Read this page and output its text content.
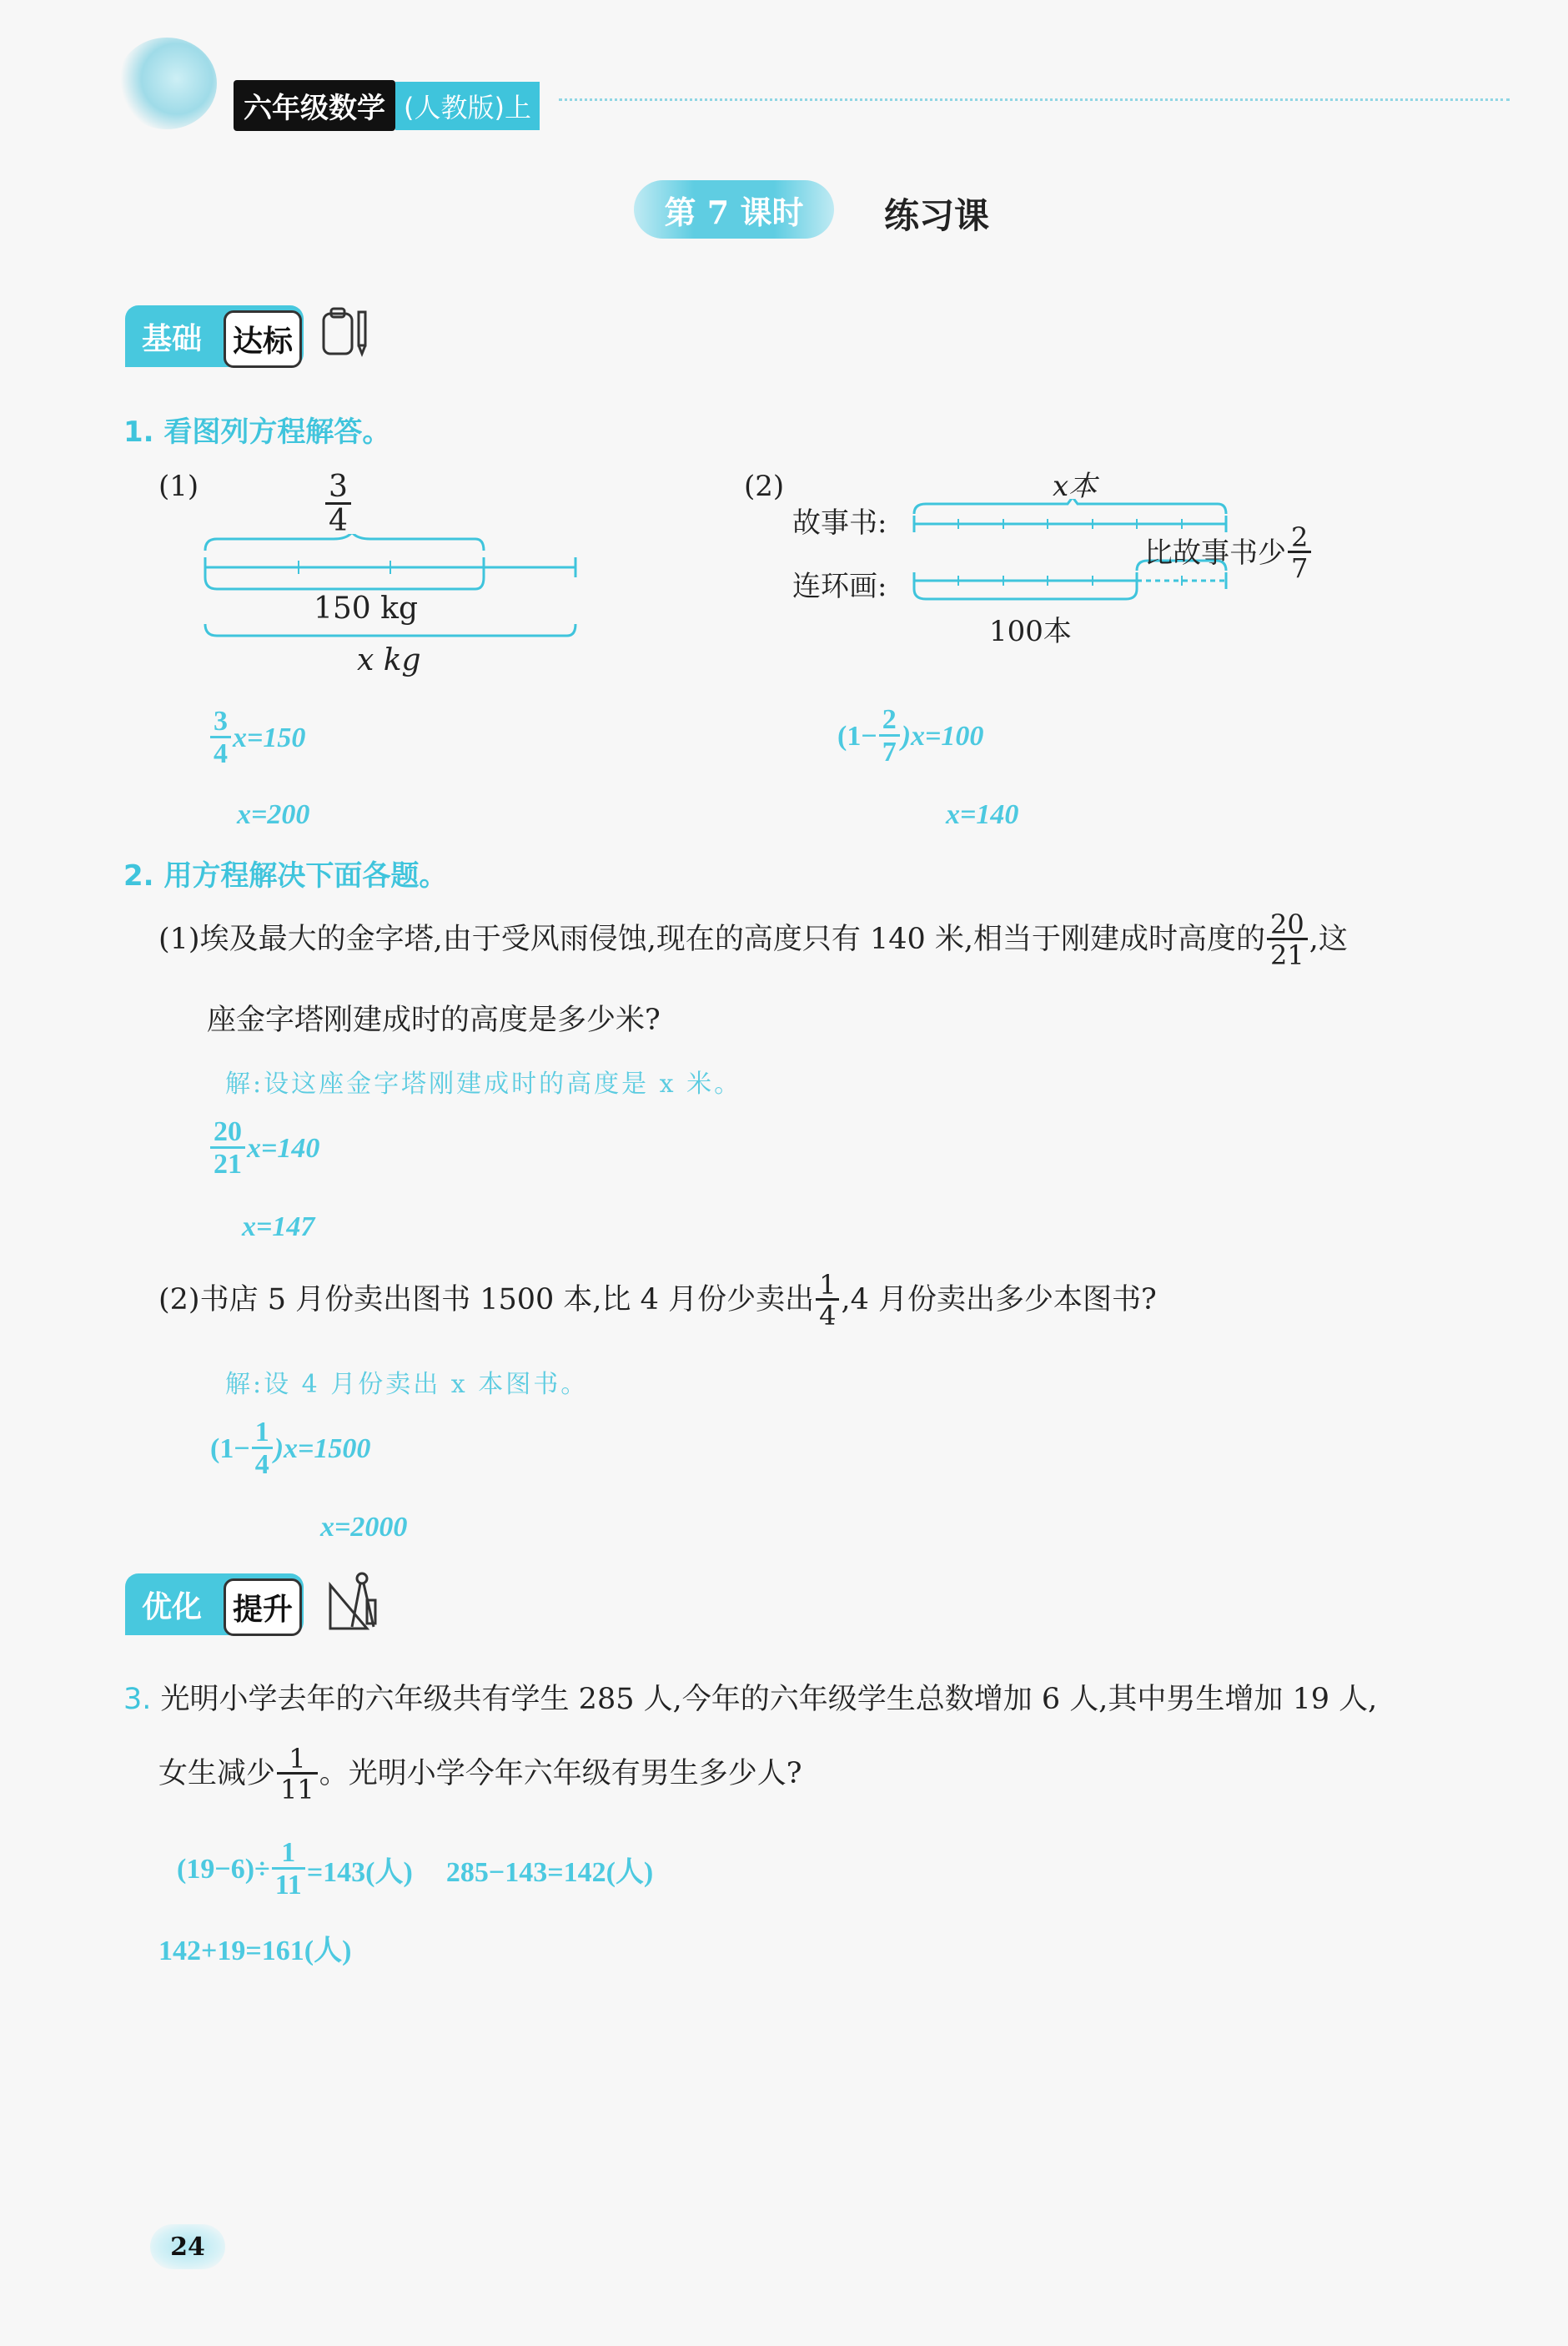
六年级数学 (人教版)上
第 7 课时 练习课
基础	达标
1. 看图列方程解答。
(1)	$\frac{3}{4}$
150 kg
x kg
$\frac{3}{4} x=150$
x=200
(2)	x本
故事书:
连环画:
比故事书少 $\frac{2}{7}$
100本
$(1- \frac{2}{7} )x=100$
x=140
2. 用方程解决下面各题。
(1)埃及最大的金字塔,由于受风雨侵蚀,现在的高度只有 140 米,相当于刚建成时高度的 $\frac{20}{21}$ ,这
座金字塔刚建成时的高度是多少米?
解:设这座金字塔刚建成时的高度是 x 米。
$\frac{20}{21} x=140$
x=147
(2)书店 5 月份卖出图书 1500 本,比 4 月份少卖出 $\frac{1}{4} ,4$ 月份卖出多少本图书?
解:设 4 月份卖出 x 本图书。
$(1- \frac{1}{4} )x=1500$
x=2000
优化	提升
3. 光明小学去年的六年级共有学生 285 人,今年的六年级学生总数增加 6 人,其中男生增加 19 人,
女生减少 $\frac{1}{11}$ 。光明小学今年六年级有男生多少人?
$(19-6)\div \frac{1}{11} =143$(人) 285−143=142(人)
142+19=161(人)
24
